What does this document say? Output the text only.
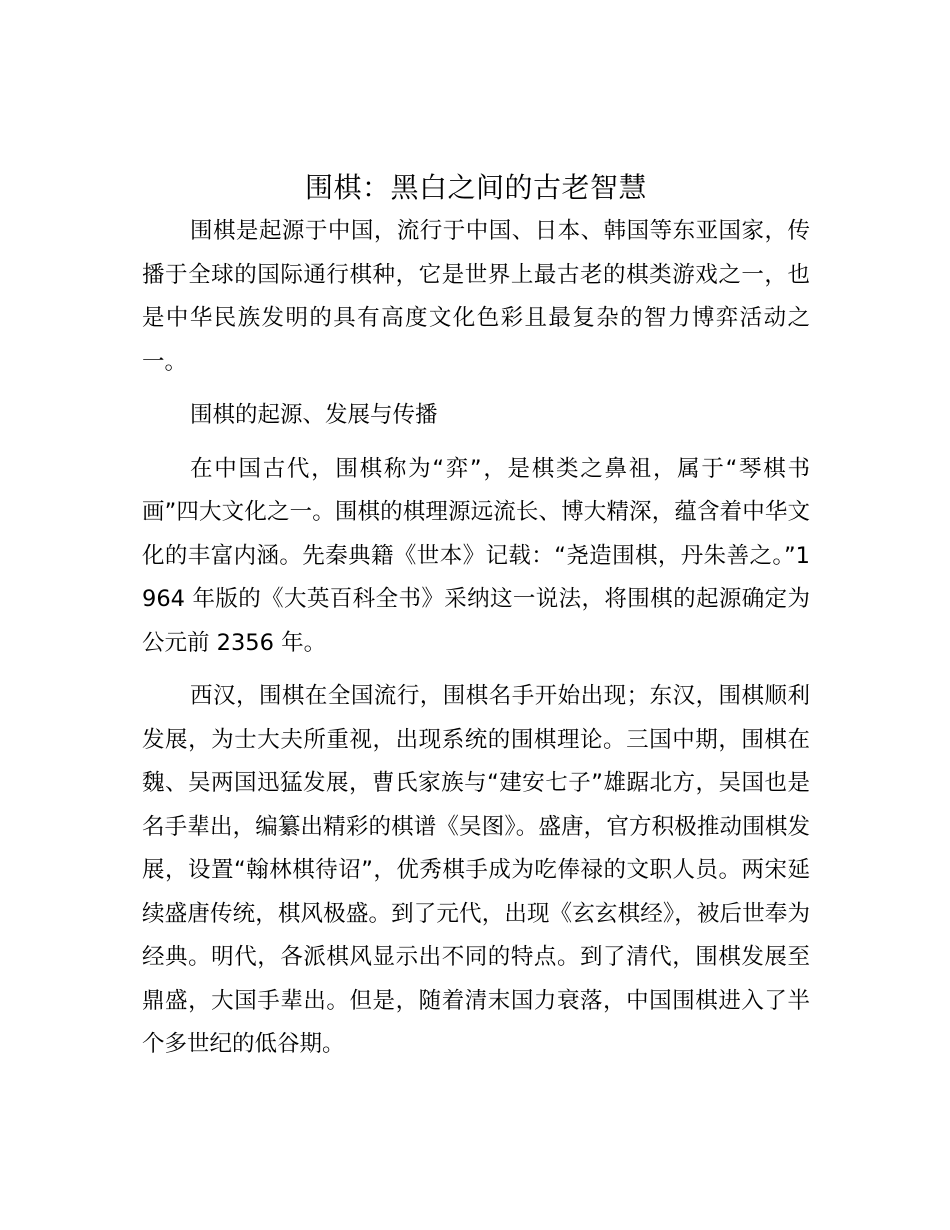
围棋：黑白之间的古老智慧

围棋是起源于中国，流行于中国、日本、韩国等东亚国家，传播于全球的国际通行棋种，它是世界上最古老的棋类游戏之一，也是中华民族发明的具有高度文化色彩且最复杂的智力博弈活动之一。

围棋的起源、发展与传播

在中国古代，围棋称为“弈”，是棋类之鼻祖，属于“琴棋书画”四大文化之一。围棋的棋理源远流长、博大精深，蕴含着中华文化的丰富内涵。先秦典籍《世本》记载：“尧造围棋，丹朱善之。”1964 年版的《大英百科全书》采纳这一说法，将围棋的起源确定为公元前 2356 年。

西汉，围棋在全国流行，围棋名手开始出现；东汉，围棋顺利发展，为士大夫所重视，出现系统的围棋理论。三国中期，围棋在魏、吴两国迅猛发展，曹氏家族与“建安七子”雄踞北方，吴国也是名手辈出，编纂出精彩的棋谱《吴图》。盛唐，官方积极推动围棋发展，设置“翰林棋待诏”，优秀棋手成为吃俸禄的文职人员。两宋延续盛唐传统，棋风极盛。到了元代，出现《玄玄棋经》，被后世奉为经典。明代，各派棋风显示出不同的特点。到了清代，围棋发展至鼎盛，大国手辈出。但是，随着清末国力衰落，中国围棋进入了半个多世纪的低谷期。
